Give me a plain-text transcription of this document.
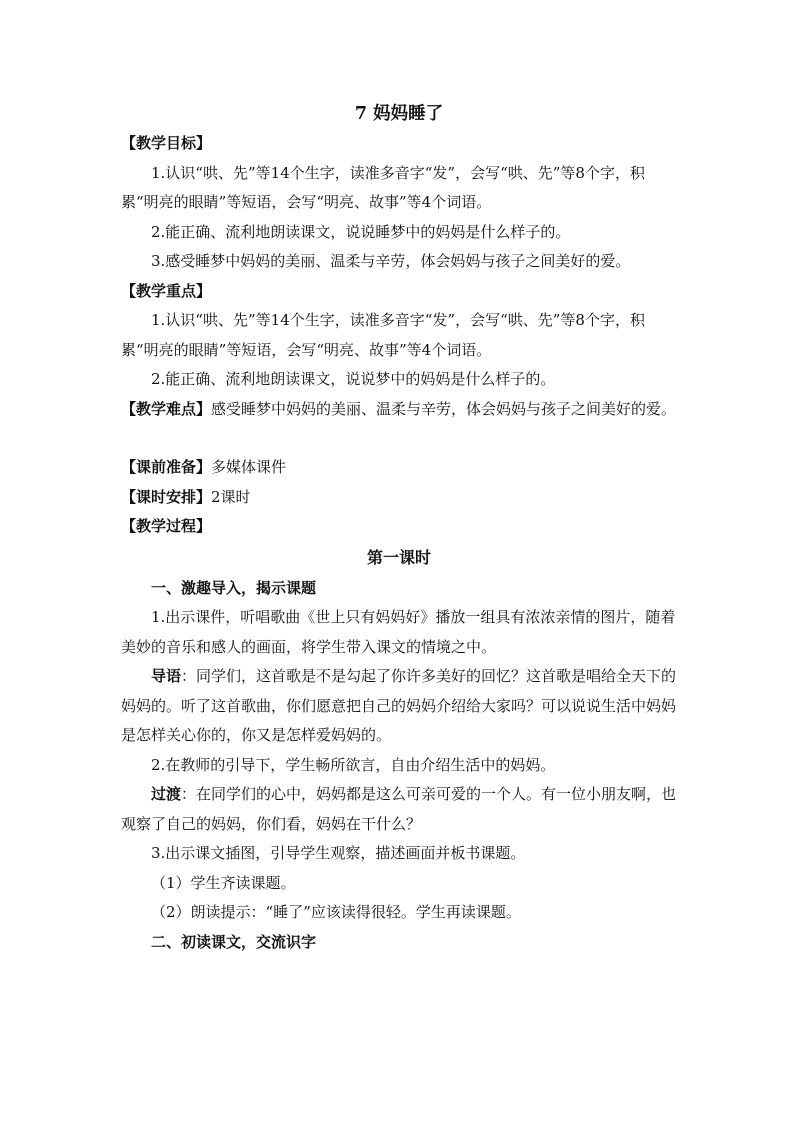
7 妈妈睡了

【教学目标】

1.认识“哄、先”等14个生字，读准多音字“发”，会写“哄、先”等8个字，积累“明亮的眼睛”等短语，会写“明亮、故事”等4个词语。

2.能正确、流利地朗读课文，说说睡梦中的妈妈是什么样子的。

3.感受睡梦中妈妈的美丽、温柔与辛劳，体会妈妈与孩子之间美好的爱。

【教学重点】

1.认识“哄、先”等14个生字，读准多音字“发”，会写“哄、先”等8个字，积累“明亮的眼睛”等短语，会写“明亮、故事”等4个词语。

2.能正确、流利地朗读课文，说说梦中的妈妈是什么样子的。

【教学难点】感受睡梦中妈妈的美丽、温柔与辛劳，体会妈妈与孩子之间美好的爱。

【课前准备】多媒体课件

【课时安排】2课时

【教学过程】

第一课时

一、激趣导入，揭示课题

1.出示课件，听唱歌曲《世上只有妈妈好》播放一组具有浓浓亲情的图片，随着美妙的音乐和感人的画面，将学生带入课文的情境之中。

导语：同学们，这首歌是不是勾起了你许多美好的回忆？这首歌是唱给全天下的妈妈的。听了这首歌曲，你们愿意把自己的妈妈介绍给大家吗？可以说说生活中妈妈是怎样关心你的，你又是怎样爱妈妈的。

2.在教师的引导下，学生畅所欲言，自由介绍生活中的妈妈。

过渡：在同学们的心中，妈妈都是这么可亲可爱的一个人。有一位小朋友啊，也观察了自己的妈妈，你们看，妈妈在干什么？

3.出示课文插图，引导学生观察，描述画面并板书课题。

（1）学生齐读课题。

（2）朗读提示：“睡了”应该读得很轻。学生再读课题。

二、初读课文，交流识字
